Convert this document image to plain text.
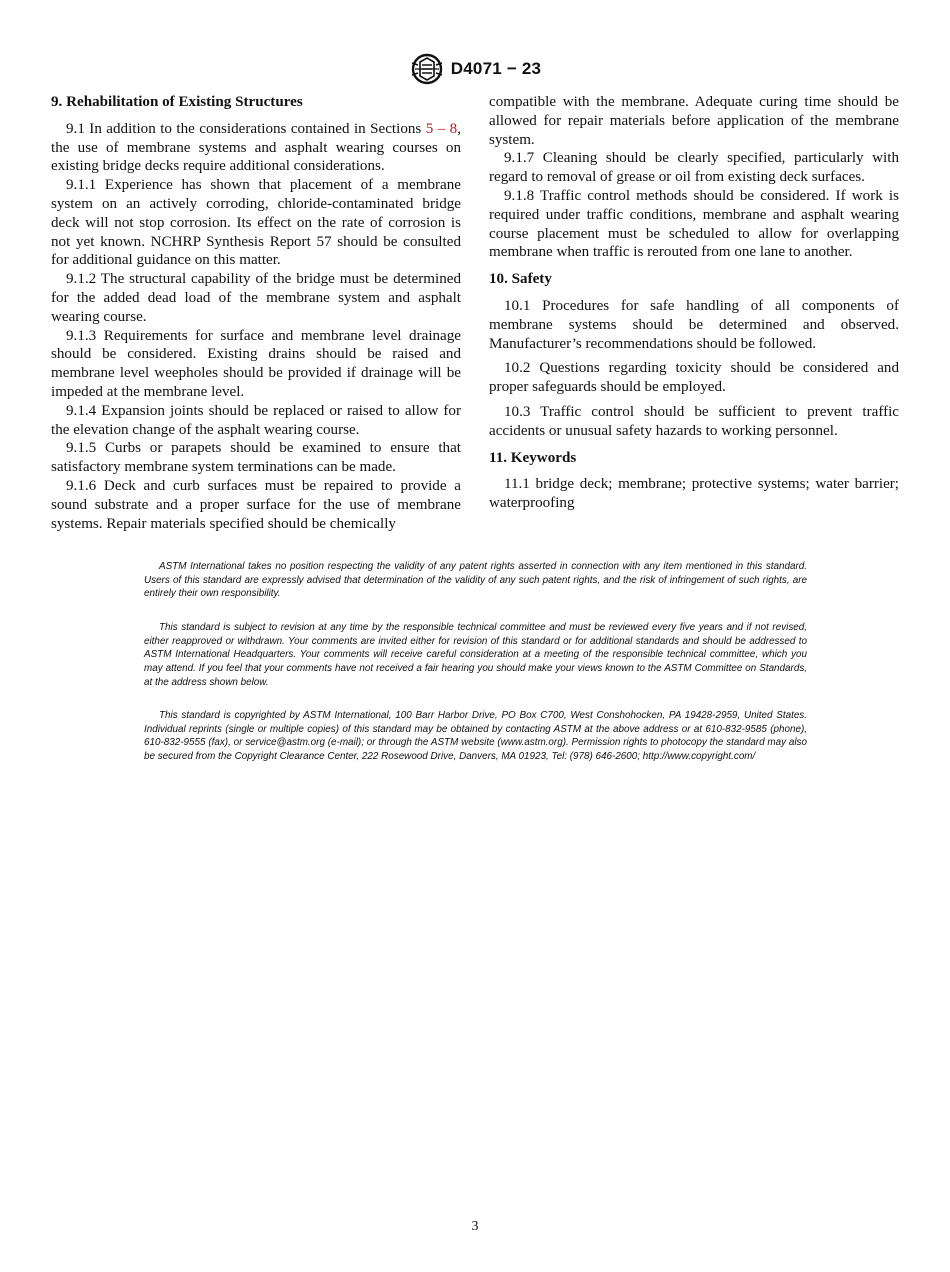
D4071 − 23

9. Rehabilitation of Existing Structures

9.1 In addition to the considerations contained in Sections 5 – 8, the use of membrane systems and asphalt wearing courses on existing bridge decks require additional considerations.

9.1.1 Experience has shown that placement of a membrane system on an actively corroding, chloride-contaminated bridge deck will not stop corrosion. Its effect on the rate of corrosion is not yet known. NCHRP Synthesis Report 57 should be consulted for additional guidance on this matter.

9.1.2 The structural capability of the bridge must be determined for the added dead load of the membrane system and asphalt wearing course.

9.1.3 Requirements for surface and membrane level drainage should be considered. Existing drains should be raised and membrane level weepholes should be provided if drainage will be impeded at the membrane level.

9.1.4 Expansion joints should be replaced or raised to allow for the elevation change of the asphalt wearing course.

9.1.5 Curbs or parapets should be examined to ensure that satisfactory membrane system terminations can be made.

9.1.6 Deck and curb surfaces must be repaired to provide a sound substrate and a proper surface for the use of membrane systems. Repair materials specified should be chemically

compatible with the membrane. Adequate curing time should be allowed for repair materials before application of the membrane system.

9.1.7 Cleaning should be clearly specified, particularly with regard to removal of grease or oil from existing deck surfaces.

9.1.8 Traffic control methods should be considered. If work is required under traffic conditions, membrane and asphalt wearing course placement must be scheduled to allow for overlapping membrane when traffic is rerouted from one lane to another.

10. Safety

10.1 Procedures for safe handling of all components of membrane systems should be determined and observed. Manufacturer’s recommendations should be followed.

10.2 Questions regarding toxicity should be considered and proper safeguards should be employed.

10.3 Traffic control should be sufficient to prevent traffic accidents or unusual safety hazards to working personnel.

11. Keywords

11.1 bridge deck; membrane; protective systems; water barrier; waterproofing

ASTM International takes no position respecting the validity of any patent rights asserted in connection with any item mentioned in this standard. Users of this standard are expressly advised that determination of the validity of any such patent rights, and the risk of infringement of such rights, are entirely their own responsibility.

This standard is subject to revision at any time by the responsible technical committee and must be reviewed every five years and if not revised, either reapproved or withdrawn. Your comments are invited either for revision of this standard or for additional standards and should be addressed to ASTM International Headquarters. Your comments will receive careful consideration at a meeting of the responsible technical committee, which you may attend. If you feel that your comments have not received a fair hearing you should make your views known to the ASTM Committee on Standards, at the address shown below.

This standard is copyrighted by ASTM International, 100 Barr Harbor Drive, PO Box C700, West Conshohocken, PA 19428-2959, United States. Individual reprints (single or multiple copies) of this standard may be obtained by contacting ASTM at the above address or at 610-832-9585 (phone), 610-832-9555 (fax), or service@astm.org (e-mail); or through the ASTM website (www.astm.org). Permission rights to photocopy the standard may also be secured from the Copyright Clearance Center, 222 Rosewood Drive, Danvers, MA 01923, Tel: (978) 646-2600; http://www.copyright.com/

3
